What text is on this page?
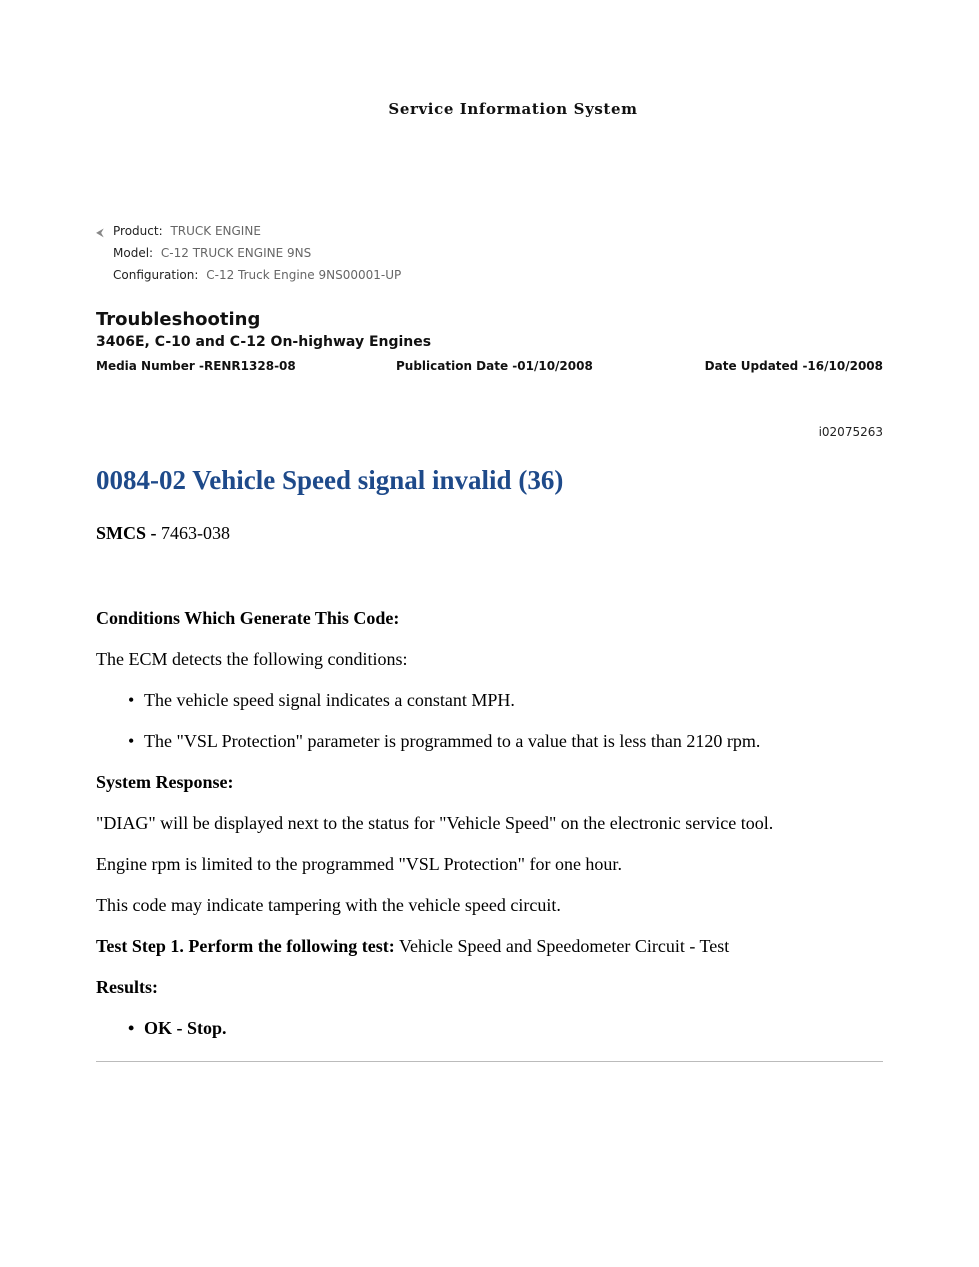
Service Information System
⮜ Product: TRUCK ENGINE
Model: C-12 TRUCK ENGINE 9NS
Configuration: C-12 Truck Engine 9NS00001-UP
Troubleshooting
3406E, C-10 and C-12 On-highway Engines
Media Number -RENR1328-08	Publication Date -01/10/2008	Date Updated -16/10/2008
i02075263
0084-02 Vehicle Speed signal invalid (36)
SMCS - 7463-038

Conditions Which Generate This Code:

The ECM detects the following conditions:

• The vehicle speed signal indicates a constant MPH.
• The "VSL Protection" parameter is programmed to a value that is less than 2120 rpm.

System Response:

"DIAG" will be displayed next to the status for "Vehicle Speed" on the electronic service tool.

Engine rpm is limited to the programmed "VSL Protection" for one hour.

This code may indicate tampering with the vehicle speed circuit.

Test Step 1. Perform the following test: Vehicle Speed and Speedometer Circuit - Test

Results:

• OK - Stop.
